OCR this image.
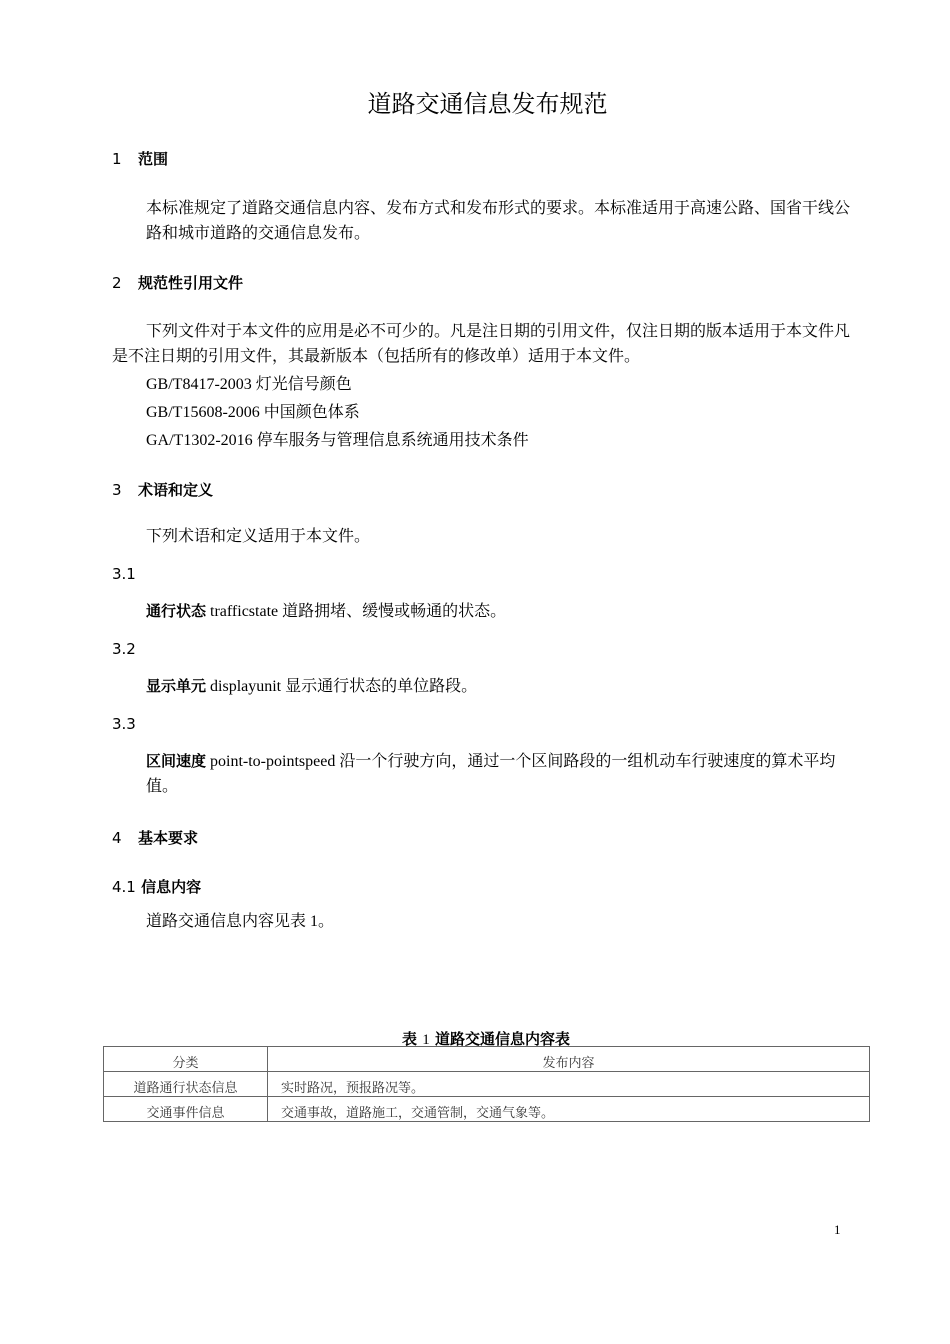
道路交通信息发布规范
1 范围
本标准规定了道路交通信息内容、发布方式和发布形式的要求。本标准适用于高速公路、国省干线公路和城市道路的交通信息发布。
2 规范性引用文件
下列文件对于本文件的应用是必不可少的。凡是注日期的引用文件，仅注日期的版本适用于本文件凡是不注日期的引用文件，其最新版本（包括所有的修改单）适用于本文件。
GB/T8417-2003 灯光信号颜色
GB/T15608-2006 中国颜色体系
GA/T1302-2016 停车服务与管理信息系统通用技术条件
3 术语和定义
下列术语和定义适用于本文件。
3.1
通行状态 trafficstate 道路拥堵、缓慢或畅通的状态。
3.2
显示单元 displayunit 显示通行状态的单位路段。
3.3
区间速度 point-to-pointspeed 沿一个行驶方向，通过一个区间路段的一组机动车行驶速度的算术平均值。
4 基本要求
4.1 信息内容
道路交通信息内容见表 1。
表 1 道路交通信息内容表
分类	发布内容
道路通行状态信息	实时路况，预报路况等。
交通事件信息	交通事故，道路施工，交通管制，交通气象等。
1
